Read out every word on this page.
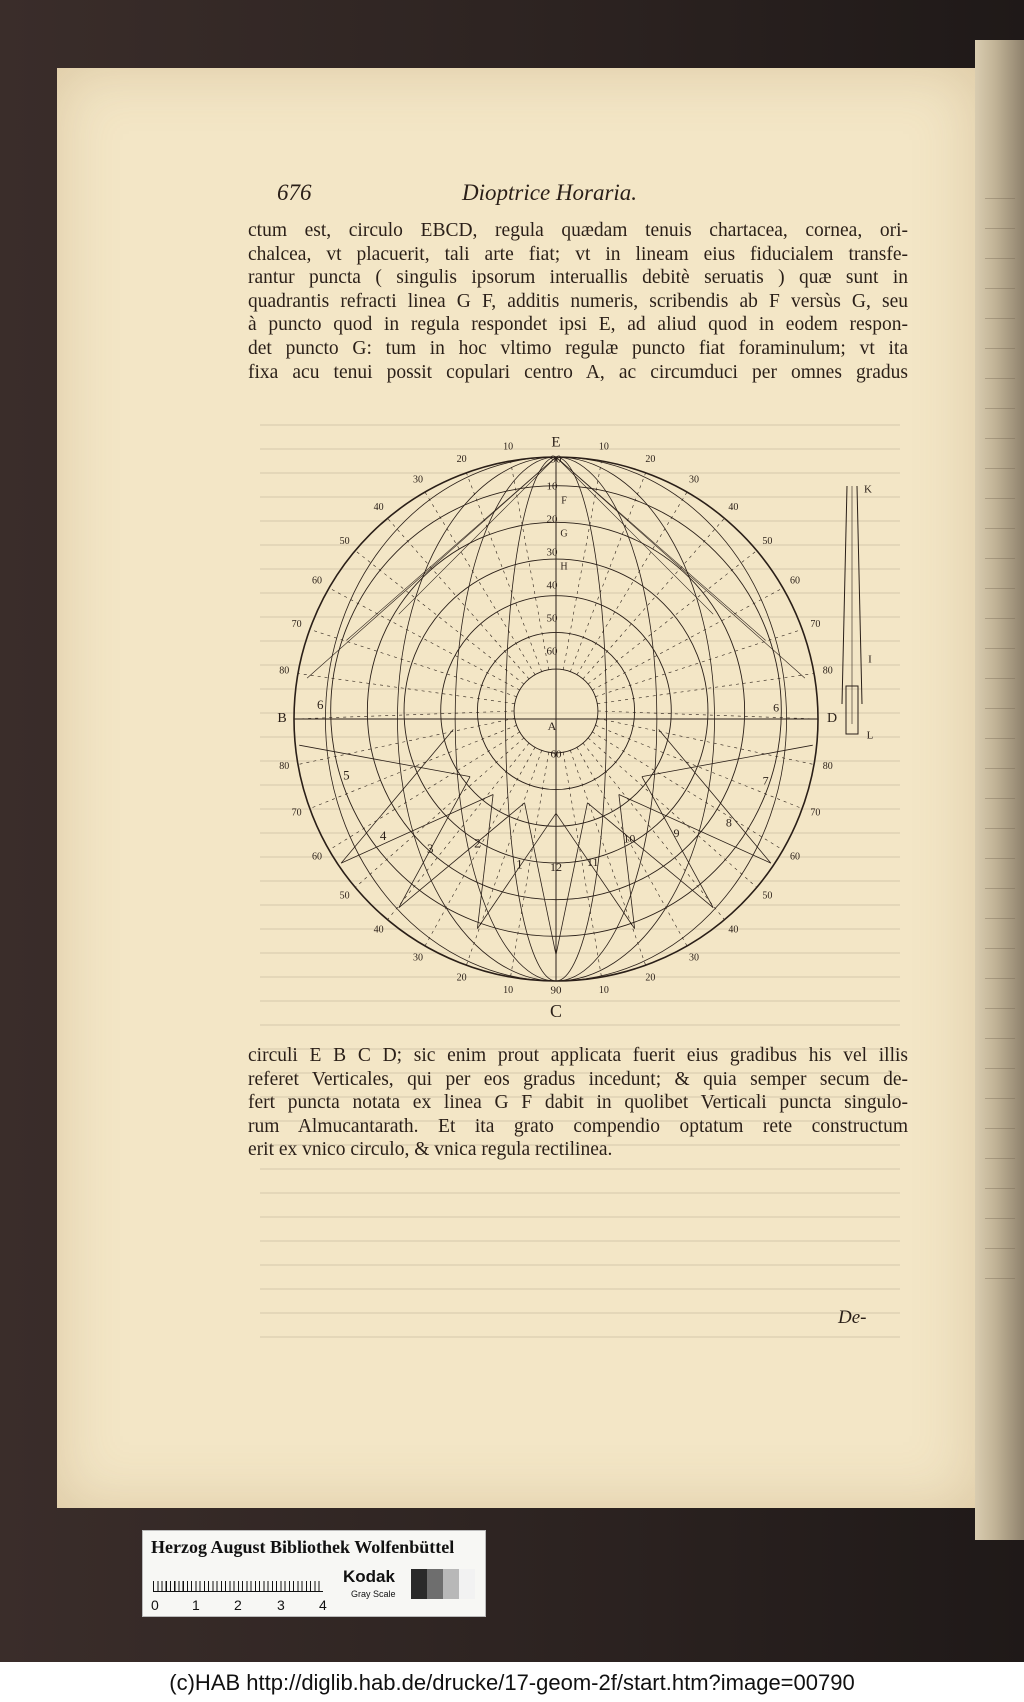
676	Dioptrice Horaria.
ctum est, circulo EBCD, regula quædam tenuis chartacea, cornea, ori-
chalcea, vt placuerit, tali arte fiat; vt in lineam eius fiducialem transfe-
rantur puncta ( singulis ipsorum interuallis debitè seruatis ) quæ sunt in
quadrantis refracti linea G F, additis numeris, scribendis ab F versùs G, seu
à puncto quod in regula respondet ipsi E, ad aliud quod in eodem respon-
det puncto G: tum in hoc vltimo regulæ puncto fiat foraminulum; vt ita
fixa acu tenui possit copulari centro A, ac circumduci per omnes gradus
E
B	D
C
A
60
90
90
10
20
30
40
50
60
F
G
H
80	80
80	80
70	70
70	70
60	60
60	60
50	50
50	50
40	40
40	40
30	30
30	30
20	20
20	20
10	10
10	10
6
5
4
3	2
1
6
7
8
9
10
11
12
K
I
L
circuli E B C D; sic enim prout applicata fuerit eius gradibus his vel illis
referet Verticales, qui per eos gradus incedunt; & quia semper secum de-
fert puncta notata ex linea G F dabit in quolibet Verticali puncta singulo-
rum Almucantarath. Et ita grato compendio optatum rete constructum
erit ex vnico circulo, & vnica regula rectilinea.
De-
Herzog August Bibliothek Wolfenbüttel
0 1 2	3 4
Kodak
Gray Scale
(c)HAB http://diglib.hab.de/drucke/17-geom-2f/start.htm?image=00790
